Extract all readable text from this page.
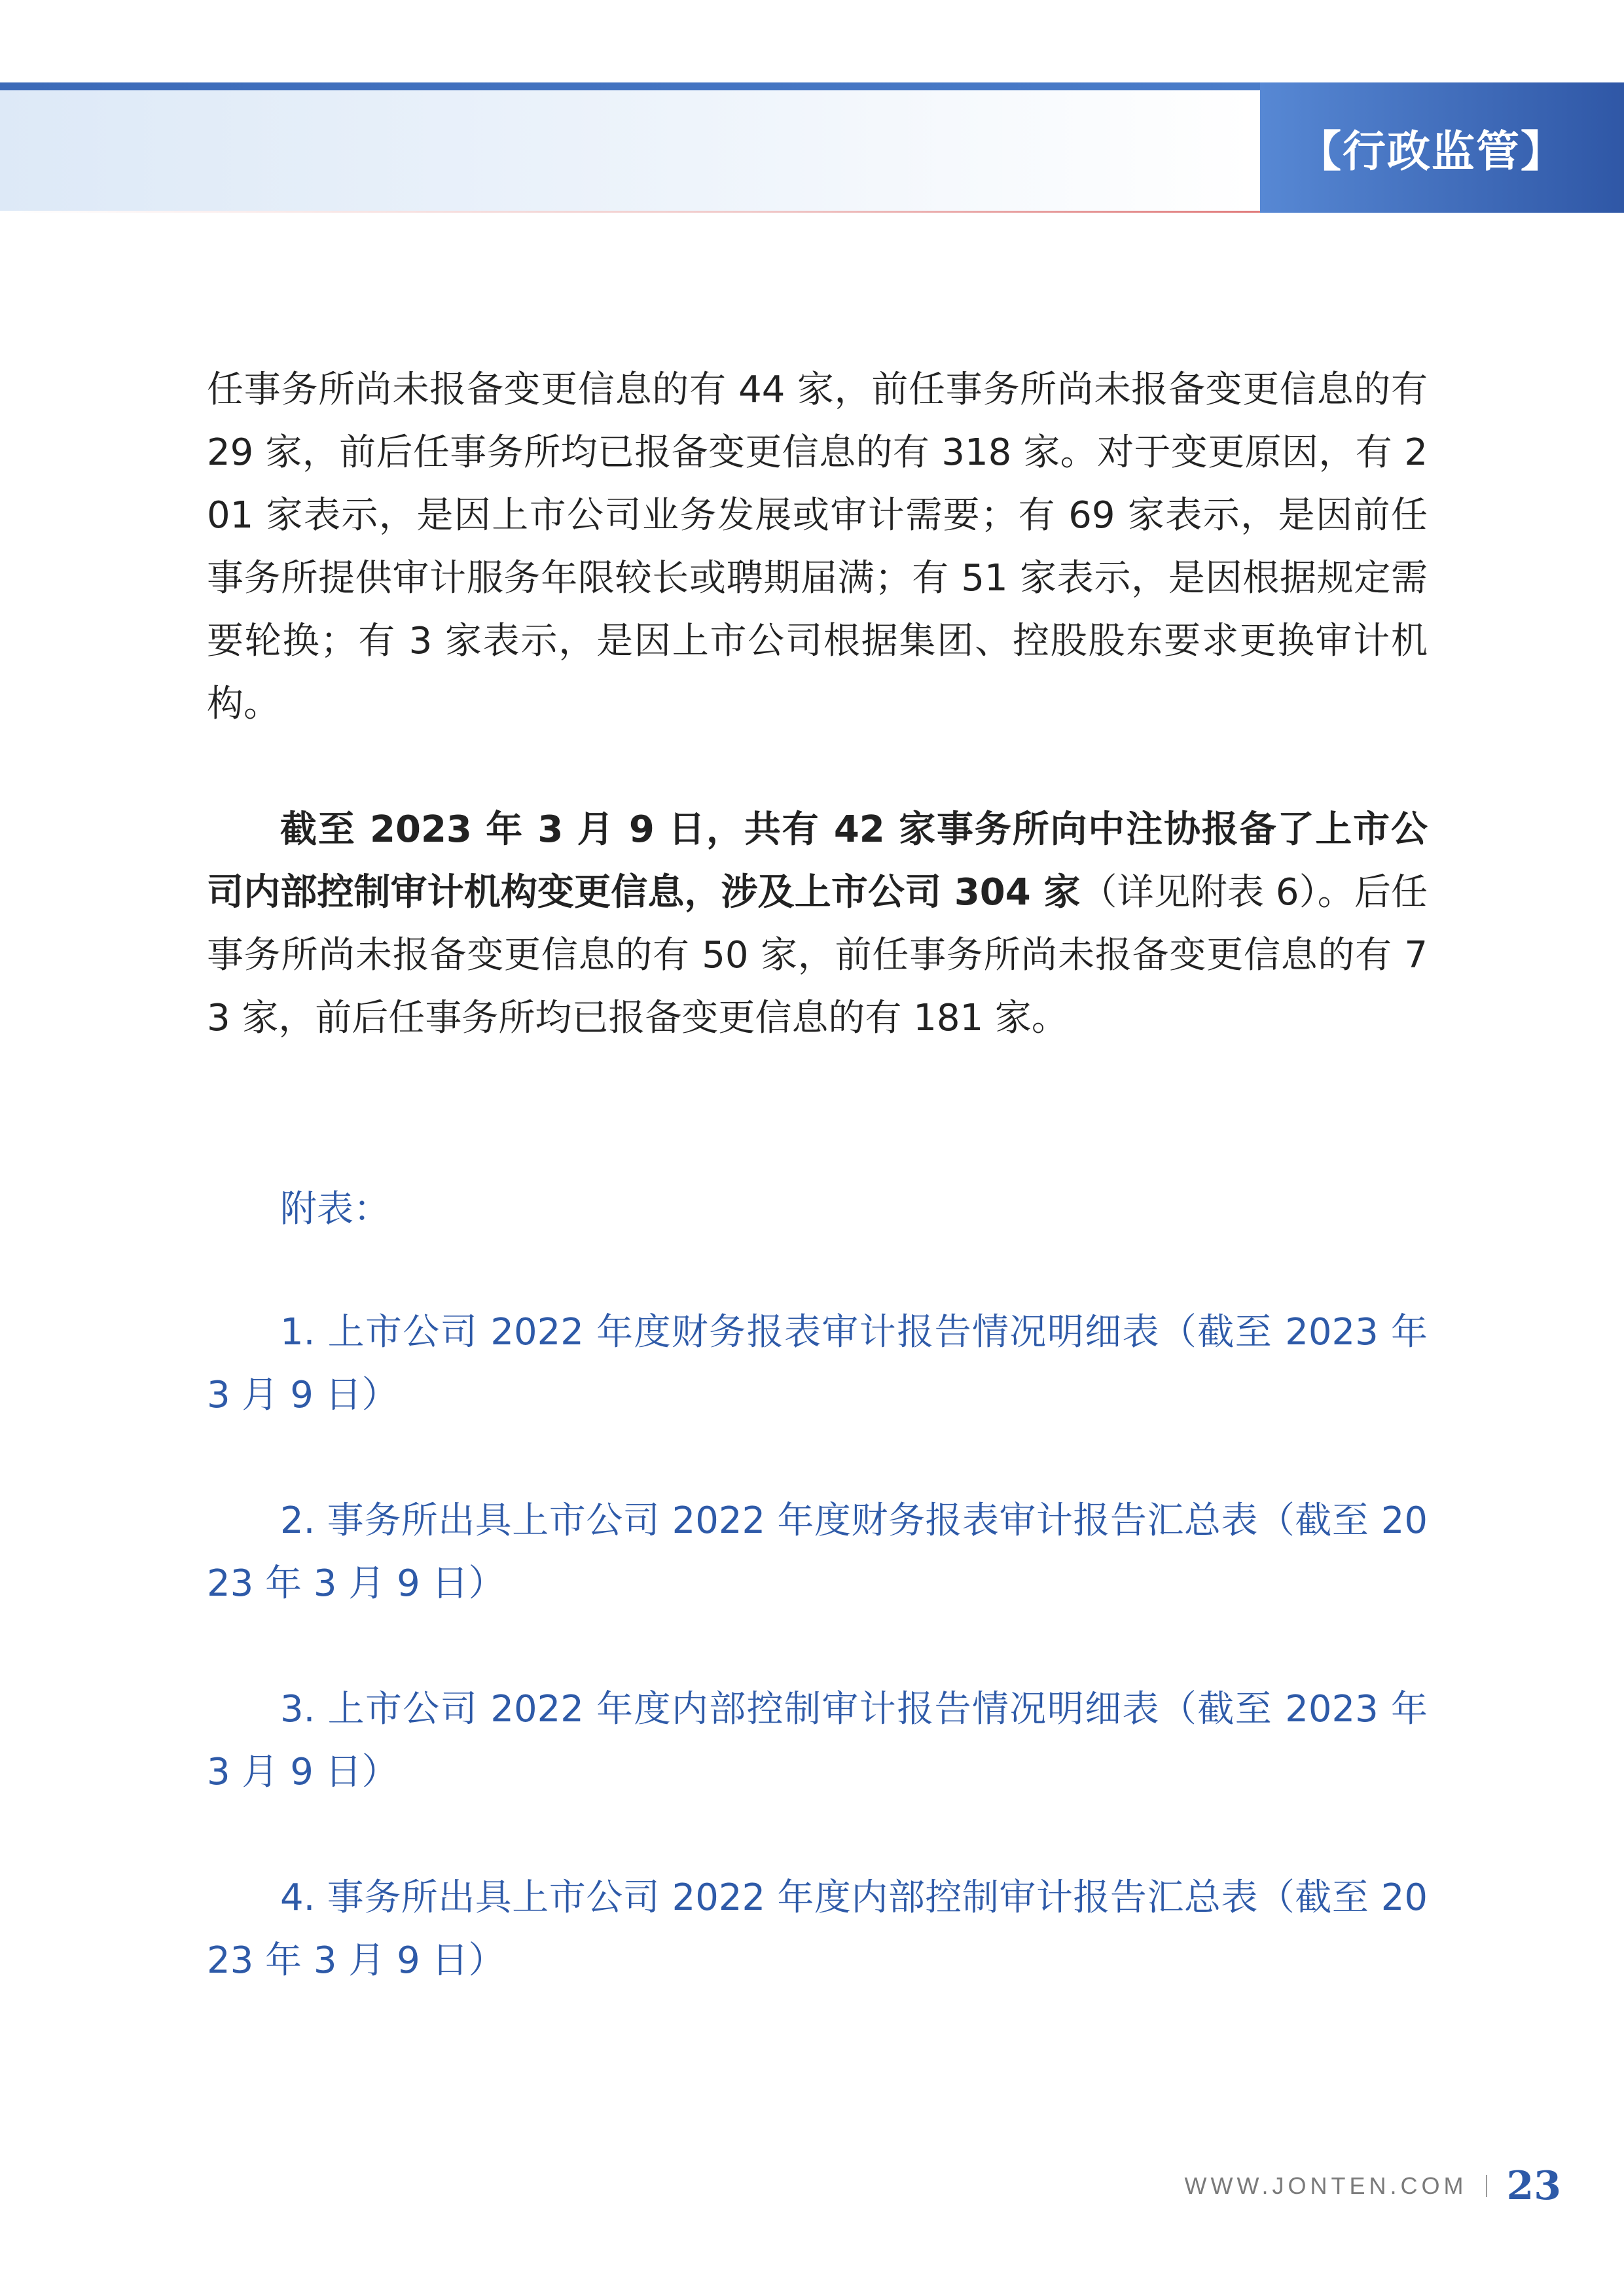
【行政监管】

任事务所尚未报备变更信息的有 44 家，前任事务所尚未报备变更信息的有 29 家，前后任事务所均已报备变更信息的有 318 家。对于变更原因，有 201 家表示，是因上市公司业务发展或审计需要；有 69 家表示，是因前任事务所提供审计服务年限较长或聘期届满；有 51 家表示，是因根据规定需要轮换；有 3 家表示，是因上市公司根据集团、控股股东要求更换审计机构。

截至 2023 年 3 月 9 日，共有 42 家事务所向中注协报备了上市公司内部控制审计机构变更信息，涉及上市公司 304 家（详见附表 6）。后任事务所尚未报备变更信息的有 50 家，前任事务所尚未报备变更信息的有 73 家，前后任事务所均已报备变更信息的有 181 家。

附表：

1. 上市公司 2022 年度财务报表审计报告情况明细表（截至 2023 年 3 月 9 日）

2. 事务所出具上市公司 2022 年度财务报表审计报告汇总表（截至 2023 年 3 月 9 日）

3. 上市公司 2022 年度内部控制审计报告情况明细表（截至 2023 年 3 月 9 日）

4. 事务所出具上市公司 2022 年度内部控制审计报告汇总表（截至 2023 年 3 月 9 日）

WWW.JONTEN.COM 23
